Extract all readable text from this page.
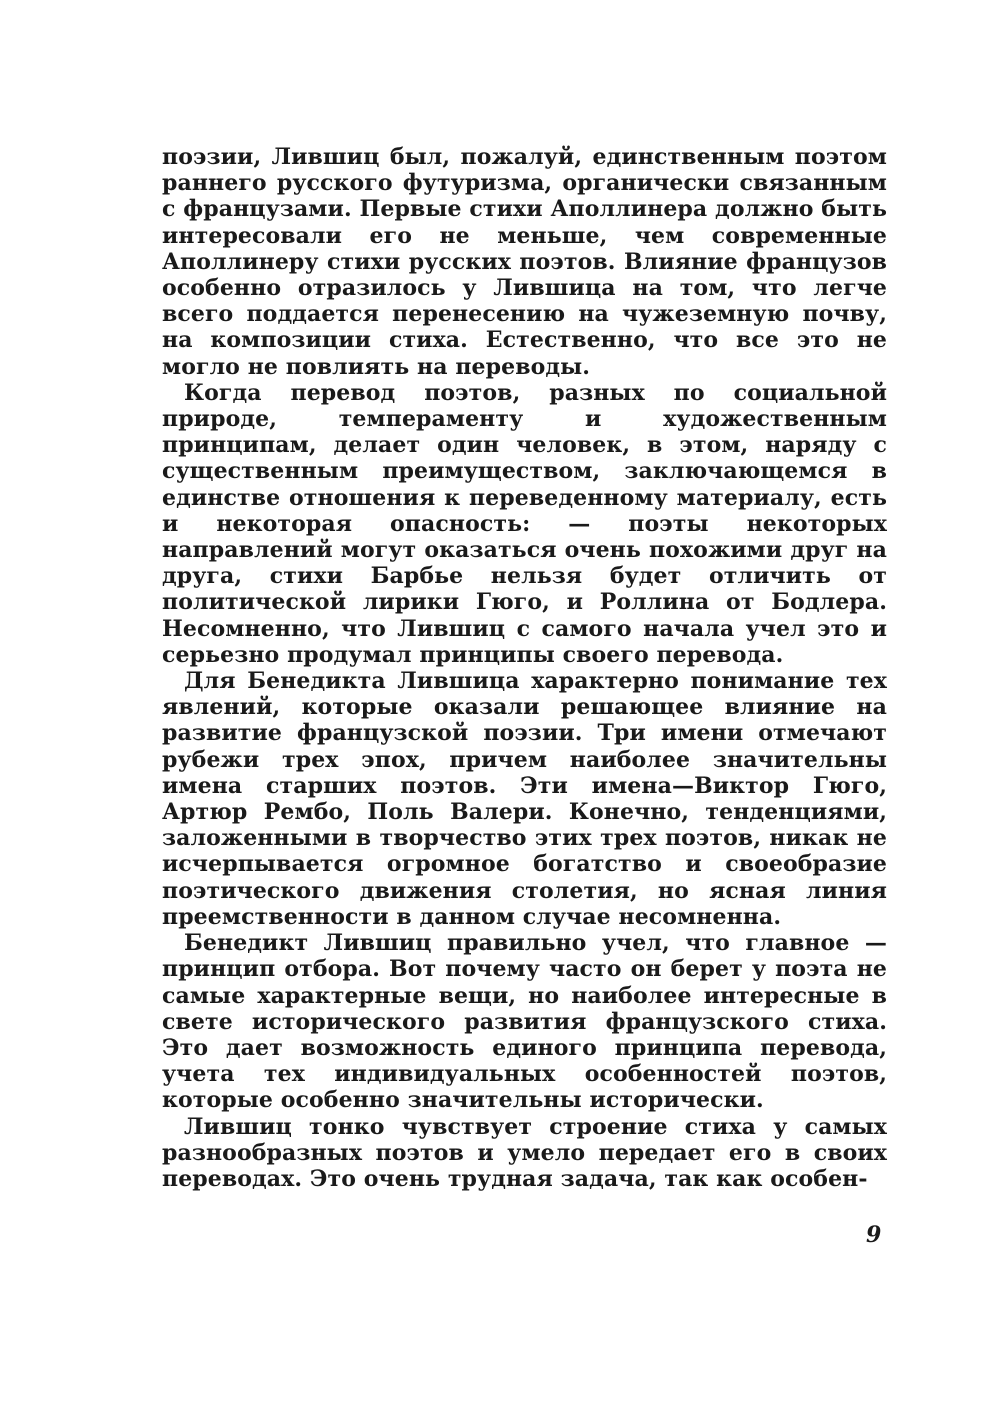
поэзии, Лившиц был, пожалуй, единственным поэтом раннего русского футуризма, органически связанным с французами. Первые стихи Аполлинера должно быть интересовали его не меньше, чем современные Аполлинеру стихи русских поэтов. Влияние французов особенно отразилось у Лившица на том, что легче всего поддается перенесению на чужеземную почву, на композиции стиха. Естественно, что все это не могло не повлиять на переводы.

Когда перевод поэтов, разных по социальной природе, темпераменту и художественным принципам, делает один человек, в этом, наряду с существенным преимуществом, заключающемся в единстве отношения к переведенному материалу, есть и некоторая опасность: — поэты некоторых направлений могут оказаться очень похожими друг на друга, стихи Барбье нельзя будет отличить от политической лирики Гюго, и Роллина от Бодлера. Несомненно, что Лившиц с самого начала учел это и серьезно продумал принципы своего перевода.

Для Бенедикта Лившица характерно понимание тех явлений, которые оказали решающее влияние на развитие французской поэзии. Три имени отмечают рубежи трех эпох, причем наиболее значительны имена старших поэтов. Эти имена—Виктор Гюго, Артюр Рембо, Поль Валери. Конечно, тенденциями, заложенными в творчество этих трех поэтов, никак не исчерпывается огромное богатство и своеобразие поэтического движения столетия, но ясная линия преемственности в данном случае несомненна.

Бенедикт Лившиц правильно учел, что главное — принцип отбора. Вот почему часто он берет у поэта не самые характерные вещи, но наиболее интересные в свете исторического развития французского стиха. Это дает возможность единого принципа перевода, учета тех индивидуальных особенностей поэтов, которые особенно значительны исторически.

Лившиц тонко чувствует строение стиха у самых разнообразных поэтов и умело передает его в своих переводах. Это очень трудная задача, так как особен-

9
